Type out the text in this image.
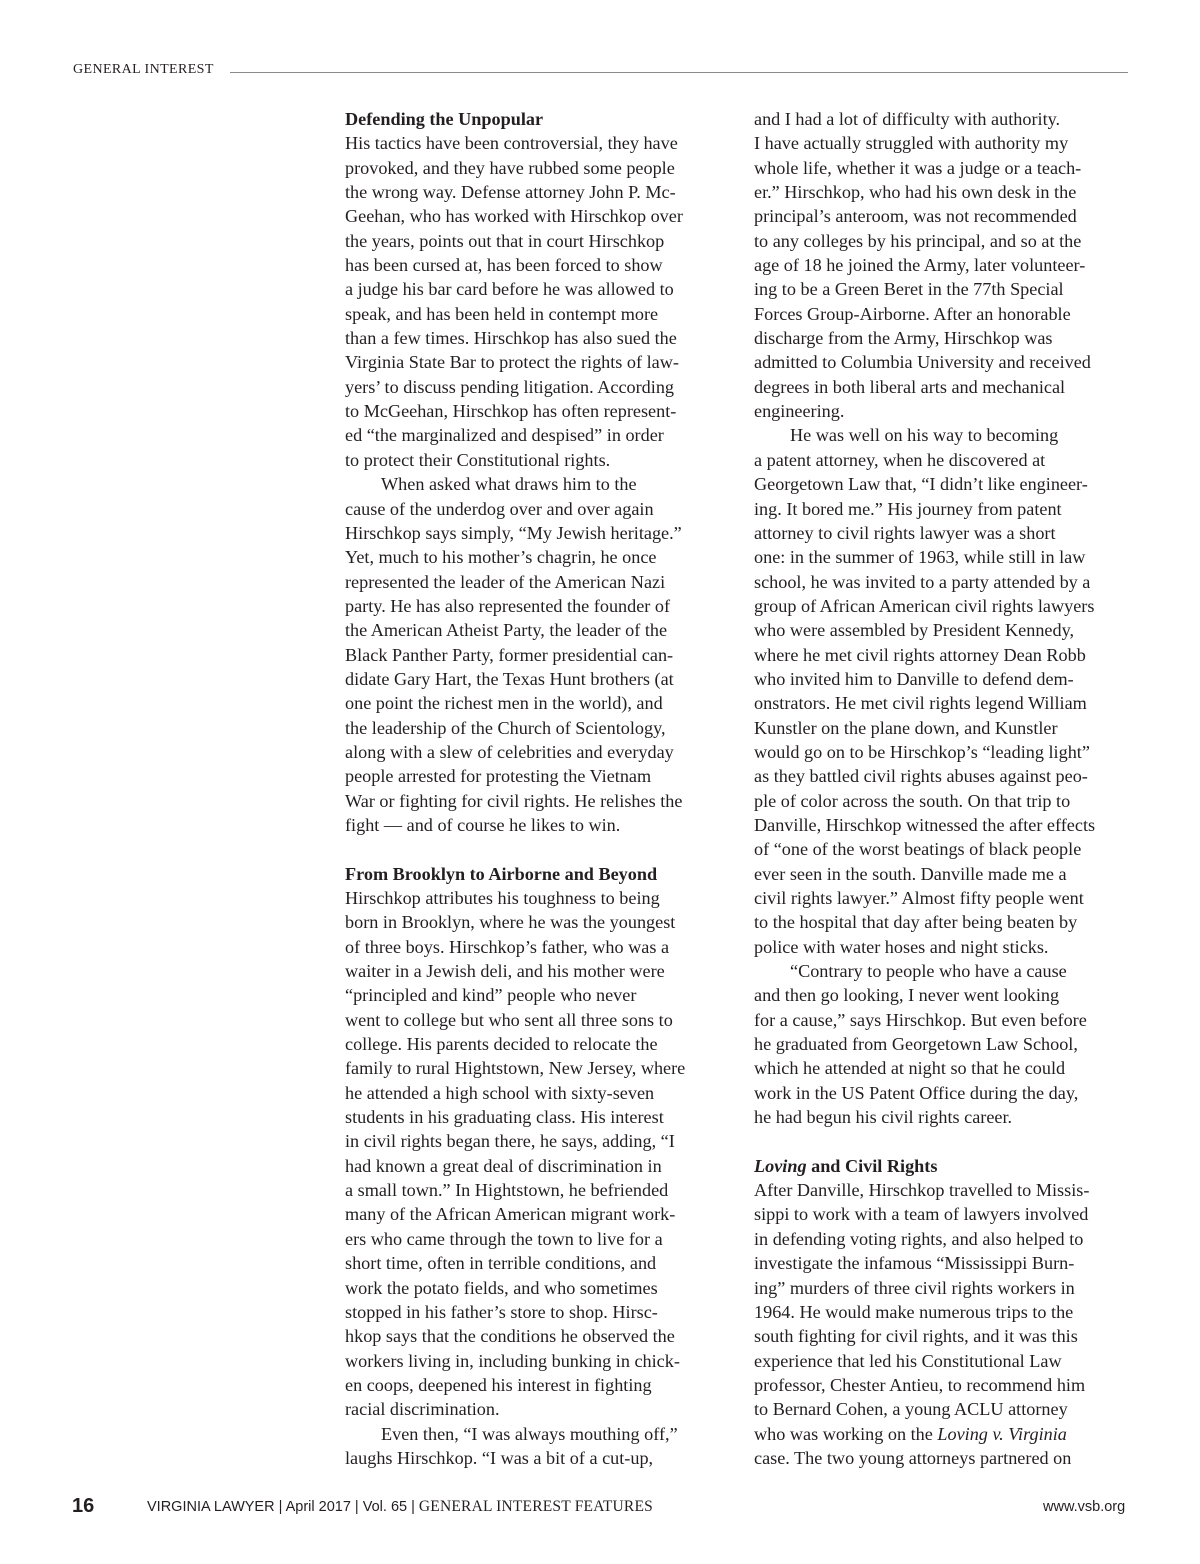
GENERAL INTEREST
Defending the Unpopular
His tactics have been controversial, they have
provoked, and they have rubbed some people
the wrong way. Defense attorney John P. Mc-
Geehan, who has worked with Hirschkop over
the years, points out that in court Hirschkop
has been cursed at, has been forced to show
a judge his bar card before he was allowed to
speak, and has been held in contempt more
than a few times. Hirschkop has also sued the
Virginia State Bar to protect the rights of law-
yers’ to discuss pending litigation. According
to McGeehan, Hirschkop has often represent-
ed “the marginalized and despised” in order
to protect their Constitutional rights.
When asked what draws him to the
cause of the underdog over and over again
Hirschkop says simply, “My Jewish heritage.”
Yet, much to his mother’s chagrin, he once
represented the leader of the American Nazi
party. He has also represented the founder of
the American Atheist Party, the leader of the
Black Panther Party, former presidential can-
didate Gary Hart, the Texas Hunt brothers (at
one point the richest men in the world), and
the leadership of the Church of Scientology,
along with a slew of celebrities and everyday
people arrested for protesting the Vietnam
War or fighting for civil rights. He relishes the
fight — and of course he likes to win.
From Brooklyn to Airborne and Beyond
Hirschkop attributes his toughness to being
born in Brooklyn, where he was the youngest
of three boys. Hirschkop’s father, who was a
waiter in a Jewish deli, and his mother were
“principled and kind” people who never
went to college but who sent all three sons to
college. His parents decided to relocate the
family to rural Hightstown, New Jersey, where
he attended a high school with sixty-seven
students in his graduating class. His interest
in civil rights began there, he says, adding, “I
had known a great deal of discrimination in
a small town.” In Hightstown, he befriended
many of the African American migrant work-
ers who came through the town to live for a
short time, often in terrible conditions, and
work the potato fields, and who sometimes
stopped in his father’s store to shop. Hirsc-
hkop says that the conditions he observed the
workers living in, including bunking in chick-
en coops, deepened his interest in fighting
racial discrimination.
Even then, “I was always mouthing off,”
laughs Hirschkop. “I was a bit of a cut-up,
and I had a lot of difficulty with authority.
I have actually struggled with authority my
whole life, whether it was a judge or a teach-
er.” Hirschkop, who had his own desk in the
principal’s anteroom, was not recommended
to any colleges by his principal, and so at the
age of 18 he joined the Army, later volunteer-
ing to be a Green Beret in the 77th Special
Forces Group-Airborne. After an honorable
discharge from the Army, Hirschkop was
admitted to Columbia University and received
degrees in both liberal arts and mechanical
engineering.
He was well on his way to becoming
a patent attorney, when he discovered at
Georgetown Law that, “I didn’t like engineer-
ing. It bored me.” His journey from patent
attorney to civil rights lawyer was a short
one: in the summer of 1963, while still in law
school, he was invited to a party attended by a
group of African American civil rights lawyers
who were assembled by President Kennedy,
where he met civil rights attorney Dean Robb
who invited him to Danville to defend dem-
onstrators. He met civil rights legend William
Kunstler on the plane down, and Kunstler
would go on to be Hirschkop’s “leading light”
as they battled civil rights abuses against peo-
ple of color across the south. On that trip to
Danville, Hirschkop witnessed the after effects
of “one of the worst beatings of black people
ever seen in the south. Danville made me a
civil rights lawyer.” Almost fifty people went
to the hospital that day after being beaten by
police with water hoses and night sticks.
“Contrary to people who have a cause
and then go looking, I never went looking
for a cause,” says Hirschkop. But even before
he graduated from Georgetown Law School,
which he attended at night so that he could
work in the US Patent Office during the day,
he had begun his civil rights career.
Loving and Civil Rights
After Danville, Hirschkop travelled to Missis-
sippi to work with a team of lawyers involved
in defending voting rights, and also helped to
investigate the infamous “Mississippi Burn-
ing” murders of three civil rights workers in
1964. He would make numerous trips to the
south fighting for civil rights, and it was this
experience that led his Constitutional Law
professor, Chester Antieu, to recommend him
to Bernard Cohen, a young ACLU attorney
who was working on the Loving v. Virginia
case. The two young attorneys partnered on
16	VIRGINIA LAWYER | April 2017 | Vol. 65 | GENERAL INTEREST FEATURES	www.vsb.org
